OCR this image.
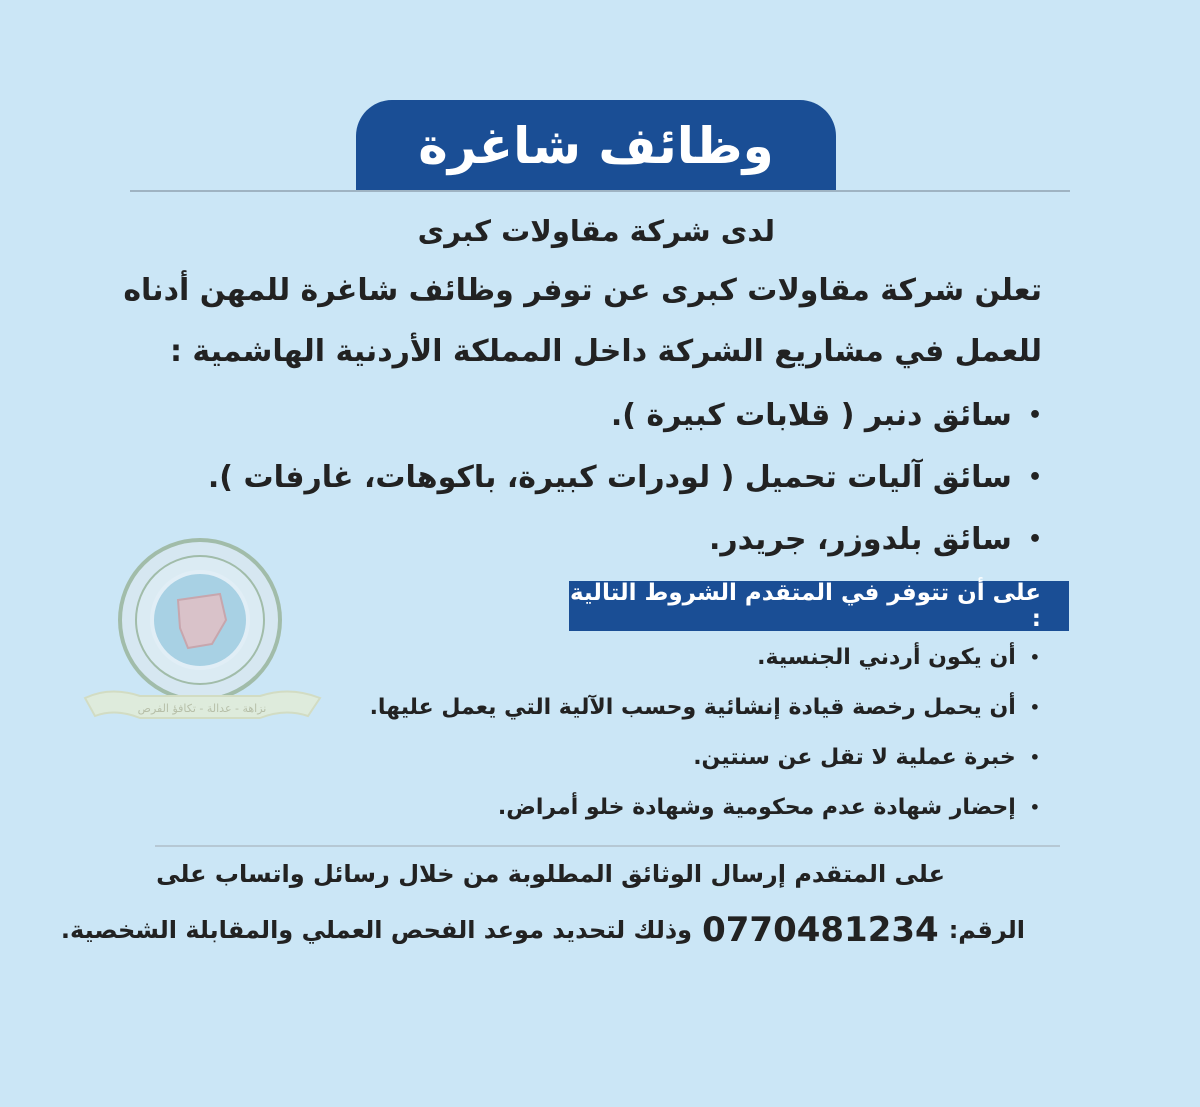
وظائف شاغرة
لدى شركة مقاولات كبرى
تعلن شركة مقاولات كبرى عن توفر وظائف شاغرة للمهن أدناه
للعمل في مشاريع الشركة داخل المملكة الأردنية الهاشمية :
•
سائق دنبر ( قلابات كبيرة ).
•
سائق آليات تحميل ( لودرات كبيرة، باكوهات، غارفات ).
•
سائق بلدوزر، جريدر.
نزاهة - عدالة - تكافؤ الفرص
على أن تتوفر في المتقدم الشروط التالية :
•
أن يكون أردني الجنسية.
•
أن يحمل رخصة قيادة إنشائية وحسب الآلية التي يعمل عليها.
•
خبرة عملية لا تقل عن سنتين.
•
إحضار شهادة عدم محكومية وشهادة خلو أمراض.
على المتقدم إرسال الوثائق المطلوبة من خلال رسائل واتساب على
الرقم:
0770481234
وذلك لتحديد موعد الفحص العملي والمقابلة الشخصية.
